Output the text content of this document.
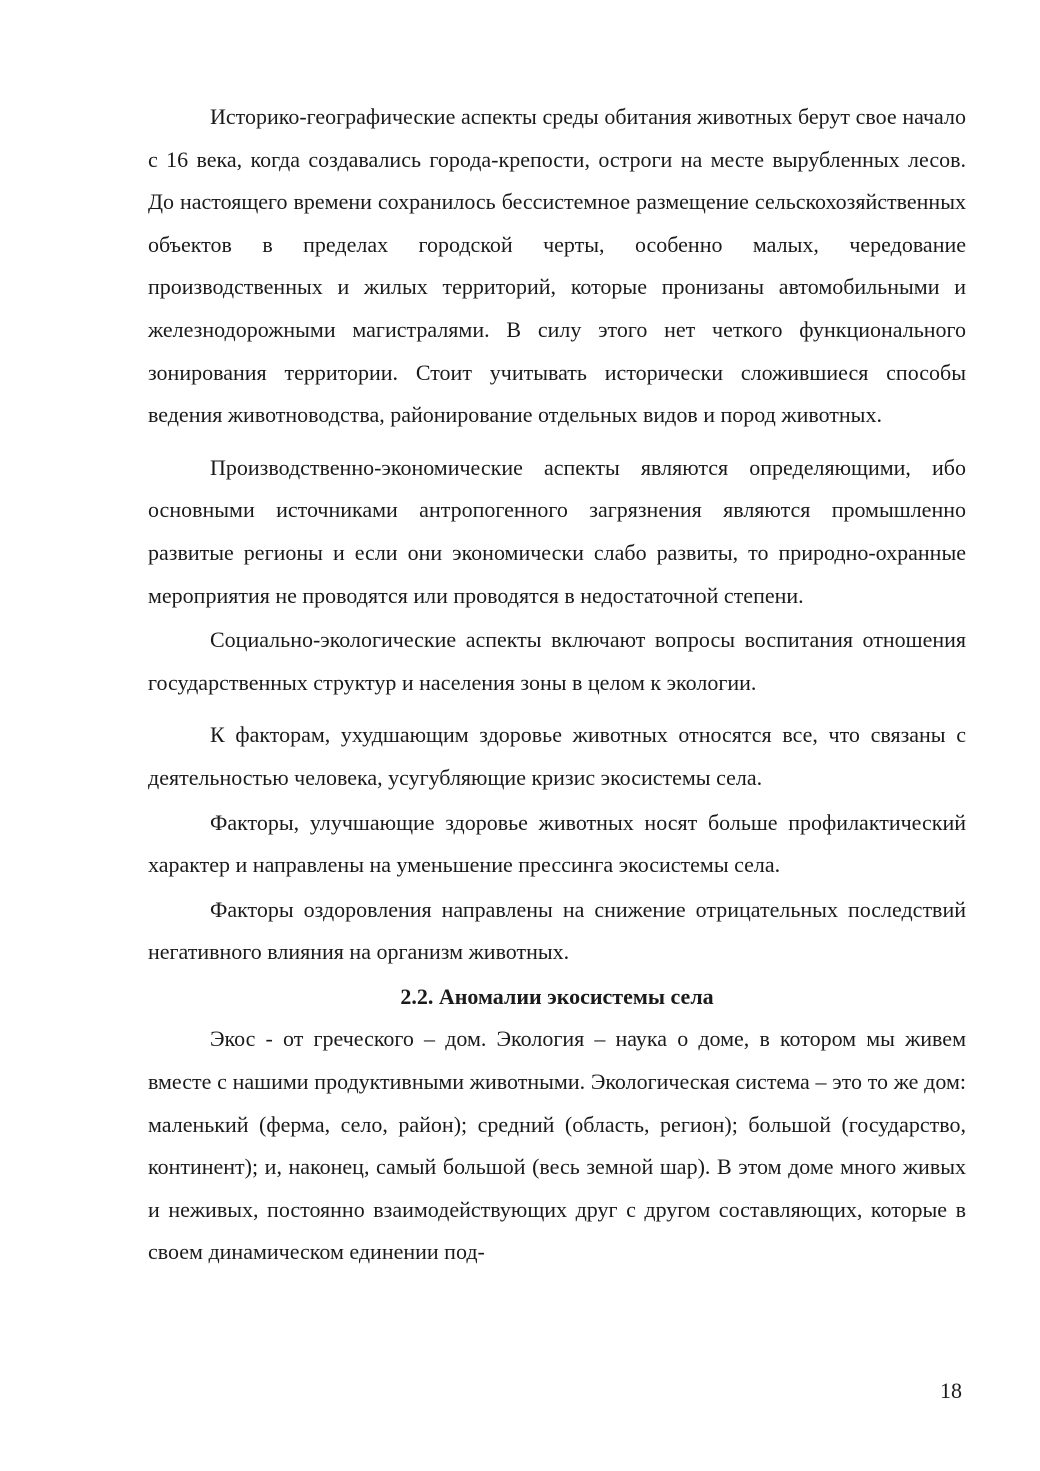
Историко-географические аспекты среды обитания животных берут свое начало с 16 века, когда создавались города-крепости, остроги на месте вырубленных лесов. До настоящего времени сохранилось бессистемное размещение сельскохозяйственных объектов в пределах городской черты, особенно малых, чередование производственных и жилых территорий, которые пронизаны автомобильными и железнодорожными магистралями. В силу этого нет четкого функционального зонирования территории. Стоит учитывать исторически сложившиеся способы ведения животноводства, районирование отдельных видов и пород животных.

Производственно-экономические аспекты являются определяющими, ибо основными источниками антропогенного загрязнения являются промышленно развитые регионы и если они экономически слабо развиты, то природно-охранные мероприятия не проводятся или проводятся в недостаточной степени.

Социально-экологические аспекты включают вопросы воспитания отношения государственных структур и населения зоны в целом к экологии.

К факторам, ухудшающим здоровье животных относятся все, что связаны с деятельностью человека, усугубляющие кризис экосистемы села.

Факторы, улучшающие здоровье животных носят больше профилактический характер и направлены на уменьшение прессинга экосистемы села.

Факторы оздоровления направлены на снижение отрицательных последствий негативного влияния на организм животных.

2.2. Аномалии экосистемы села

Экос - от греческого – дом. Экология – наука о доме, в котором мы живем вместе с нашими продуктивными животными. Экологическая система – это то же дом: маленький (ферма, село, район); средний (область, регион); большой (государство, континент); и, наконец, самый большой (весь земной шар). В этом доме много живых и неживых, постоянно взаимодействующих друг с другом составляющих, которые в своем динамическом единении под-

18
